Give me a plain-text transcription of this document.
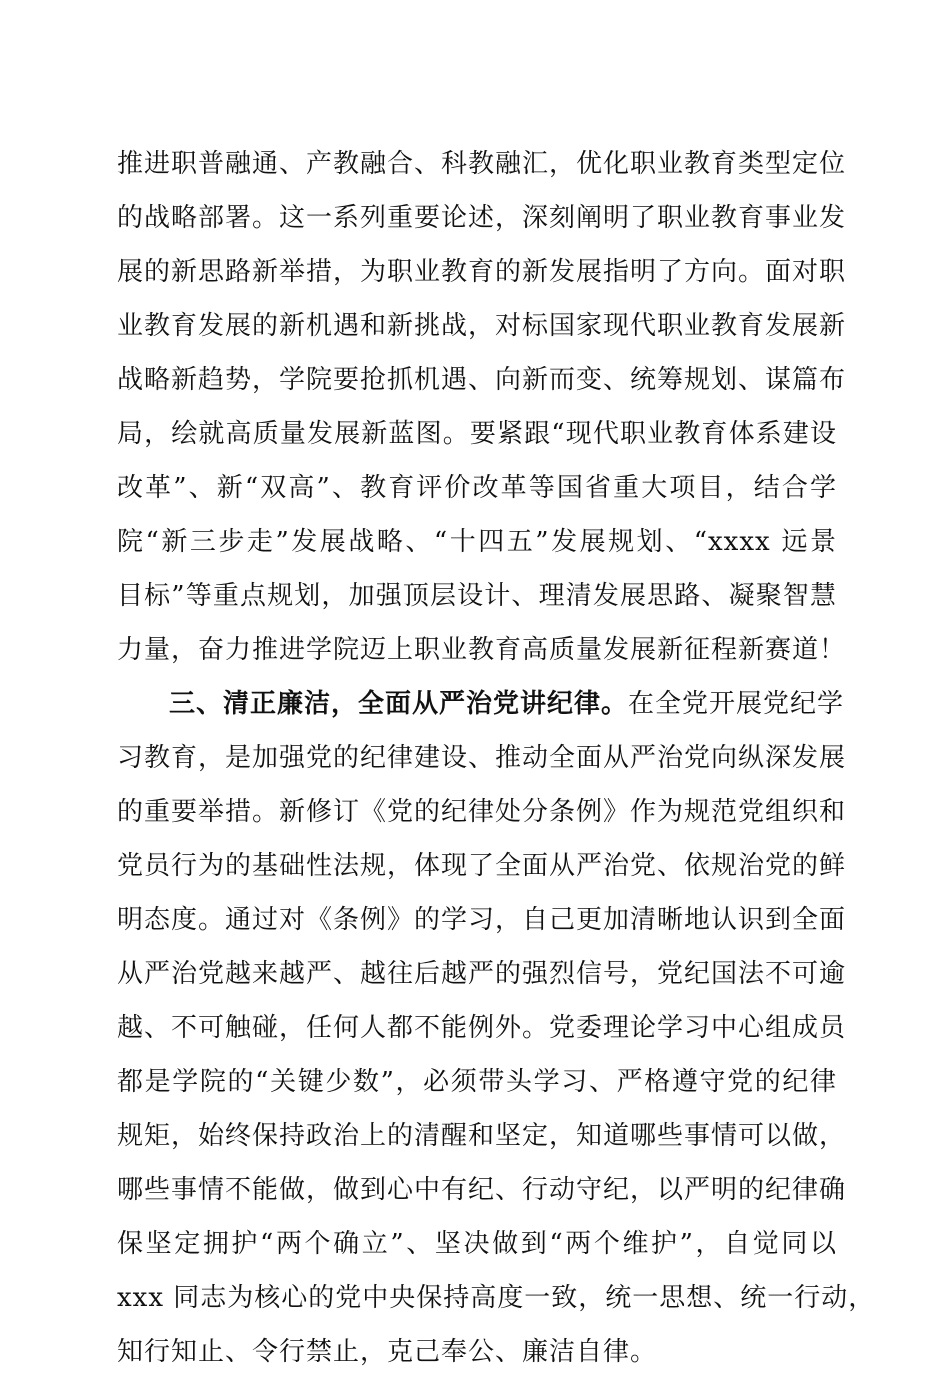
推进职普融通、产教融合、科教融汇，优化职业教育类型定位
的战略部署。这一系列重要论述，深刻阐明了职业教育事业发
展的新思路新举措，为职业教育的新发展指明了方向。面对职
业教育发展的新机遇和新挑战，对标国家现代职业教育发展新
战略新趋势，学院要抢抓机遇、向新而变、统筹规划、谋篇布
局，绘就高质量发展新蓝图。要紧跟“现代职业教育体系建设
改革”、新“双高”、教育评价改革等国省重大项目，结合学
院“新三步走”发展战略、“十四五”发展规划、“xxxx 远景
目标”等重点规划，加强顶层设计、理清发展思路、凝聚智慧
力量，奋力推进学院迈上职业教育高质量发展新征程新赛道！
三、清正廉洁，全面从严治党讲纪律。在全党开展党纪学
习教育，是加强党的纪律建设、推动全面从严治党向纵深发展
的重要举措。新修订《党的纪律处分条例》作为规范党组织和
党员行为的基础性法规，体现了全面从严治党、依规治党的鲜
明态度。通过对《条例》的学习，自己更加清晰地认识到全面
从严治党越来越严、越往后越严的强烈信号，党纪国法不可逾
越、不可触碰，任何人都不能例外。党委理论学习中心组成员
都是学院的“关键少数”，必须带头学习、严格遵守党的纪律
规矩，始终保持政治上的清醒和坚定，知道哪些事情可以做，
哪些事情不能做，做到心中有纪、行动守纪，以严明的纪律确
保坚定拥护“两个确立”、坚决做到“两个维护”，自觉同以
xxx 同志为核心的党中央保持高度一致，统一思想、统一行动，
知行知止、令行禁止，克己奉公、廉洁自律。
